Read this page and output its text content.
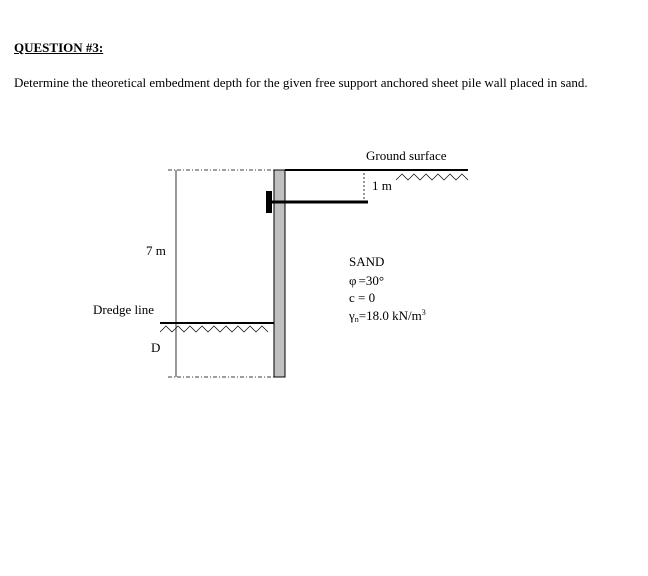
QUESTION #3:

Determine the theoretical embedment depth for the given free support anchored sheet pile wall placed in sand.

Ground surface
1 m
7 m
Dredge line
D
SAND
φ =30°
c = 0
γn=18.0 $kN/m^3$
